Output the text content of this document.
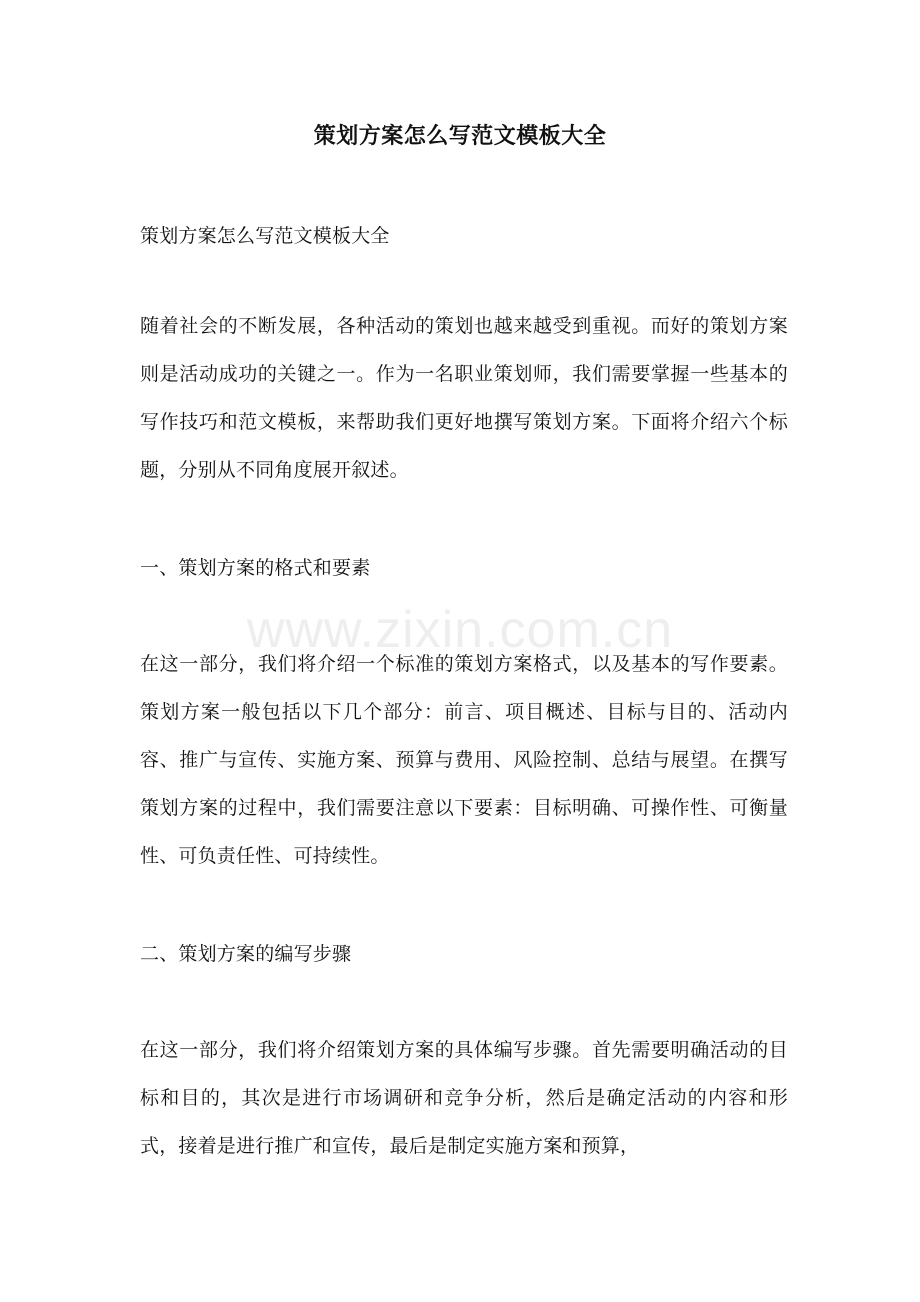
策划方案怎么写范文模板大全
策划方案怎么写范文模板大全
随着社会的不断发展，各种活动的策划也越来越受到重视。而好的策划方案则是活动成功的关键之一。作为一名职业策划师，我们需要掌握一些基本的写作技巧和范文模板，来帮助我们更好地撰写策划方案。下面将介绍六个标题，分别从不同角度展开叙述。
一、策划方案的格式和要素
在这一部分，我们将介绍一个标准的策划方案格式，以及基本的写作要素。策划方案一般包括以下几个部分：前言、项目概述、目标与目的、活动内容、推广与宣传、实施方案、预算与费用、风险控制、总结与展望。在撰写策划方案的过程中，我们需要注意以下要素：目标明确、可操作性、可衡量性、可负责任性、可持续性。
二、策划方案的编写步骤
在这一部分，我们将介绍策划方案的具体编写步骤。首先需要明确活动的目标和目的，其次是进行市场调研和竞争分析，然后是确定活动的内容和形式，接着是进行推广和宣传，最后是制定实施方案和预算，
www.zixin.com.cn
